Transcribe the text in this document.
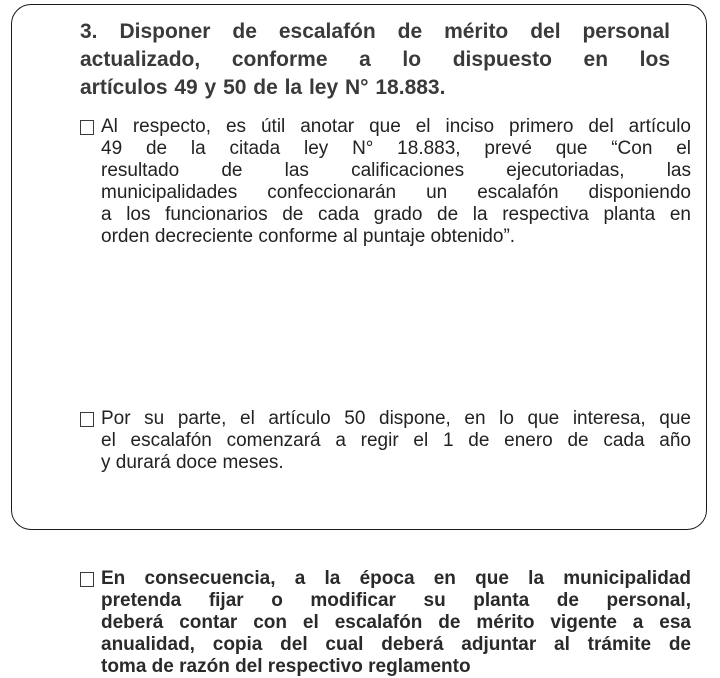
3. Disponer de escalafón de mérito del personal
actualizado, conforme a lo dispuesto en los
artículos 49 y 50 de la ley N° 18.883.
Al respecto, es útil anotar que el inciso primero del artículo
49 de la citada ley N° 18.883, prevé que “Con el
resultado de las calificaciones ejecutoriadas, las
municipalidades confeccionarán un escalafón disponiendo
a los funcionarios de cada grado de la respectiva planta en
orden decreciente conforme al puntaje obtenido”.
Por su parte, el artículo 50 dispone, en lo que interesa, que
el escalafón comenzará a regir el 1 de enero de cada año
y durará doce meses.
En consecuencia, a la época en que la municipalidad
pretenda fijar o modificar su planta de personal,
deberá contar con el escalafón de mérito vigente a esa
anualidad, copia del cual deberá adjuntar al trámite de
toma de razón del respectivo reglamento
